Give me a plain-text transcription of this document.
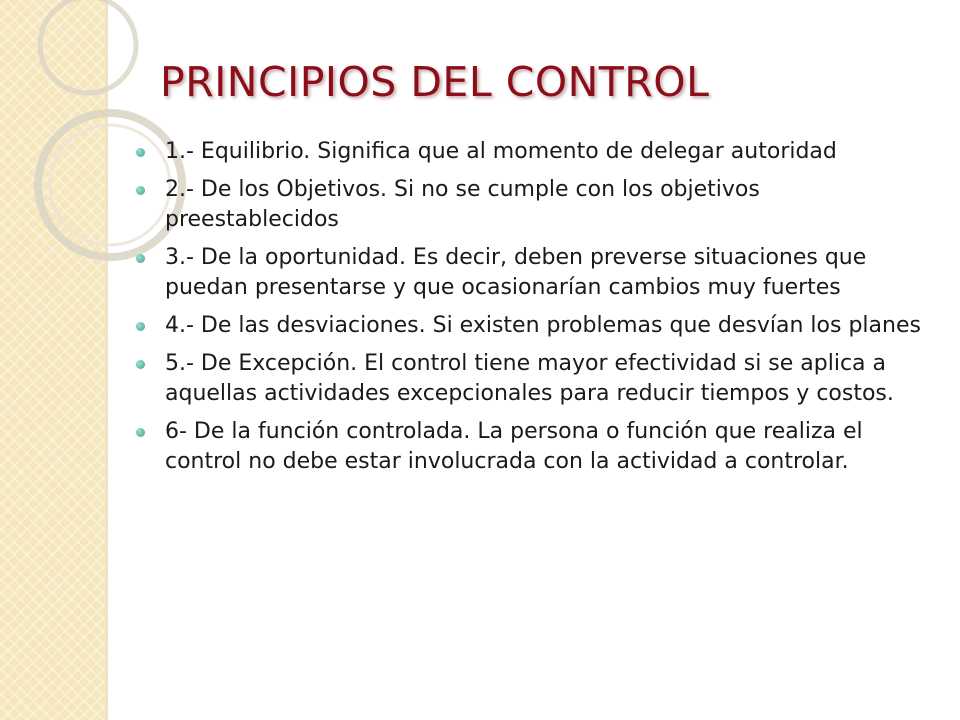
PRINCIPIOS DEL CONTROL
1.- Equilibrio. Significa que al momento de delegar autoridad
2.- De los Objetivos. Si no se cumple con los objetivos preestablecidos
3.- De la oportunidad. Es decir, deben preverse situaciones que puedan presentarse y que ocasionarían cambios muy fuertes
4.- De las desviaciones. Si existen problemas que desvían los planes
5.- De Excepción. El control tiene mayor efectividad si se aplica a aquellas actividades excepcionales para reducir tiempos y costos.
6- De la función controlada. La persona o función que realiza el control no debe estar involucrada con la actividad a controlar.
